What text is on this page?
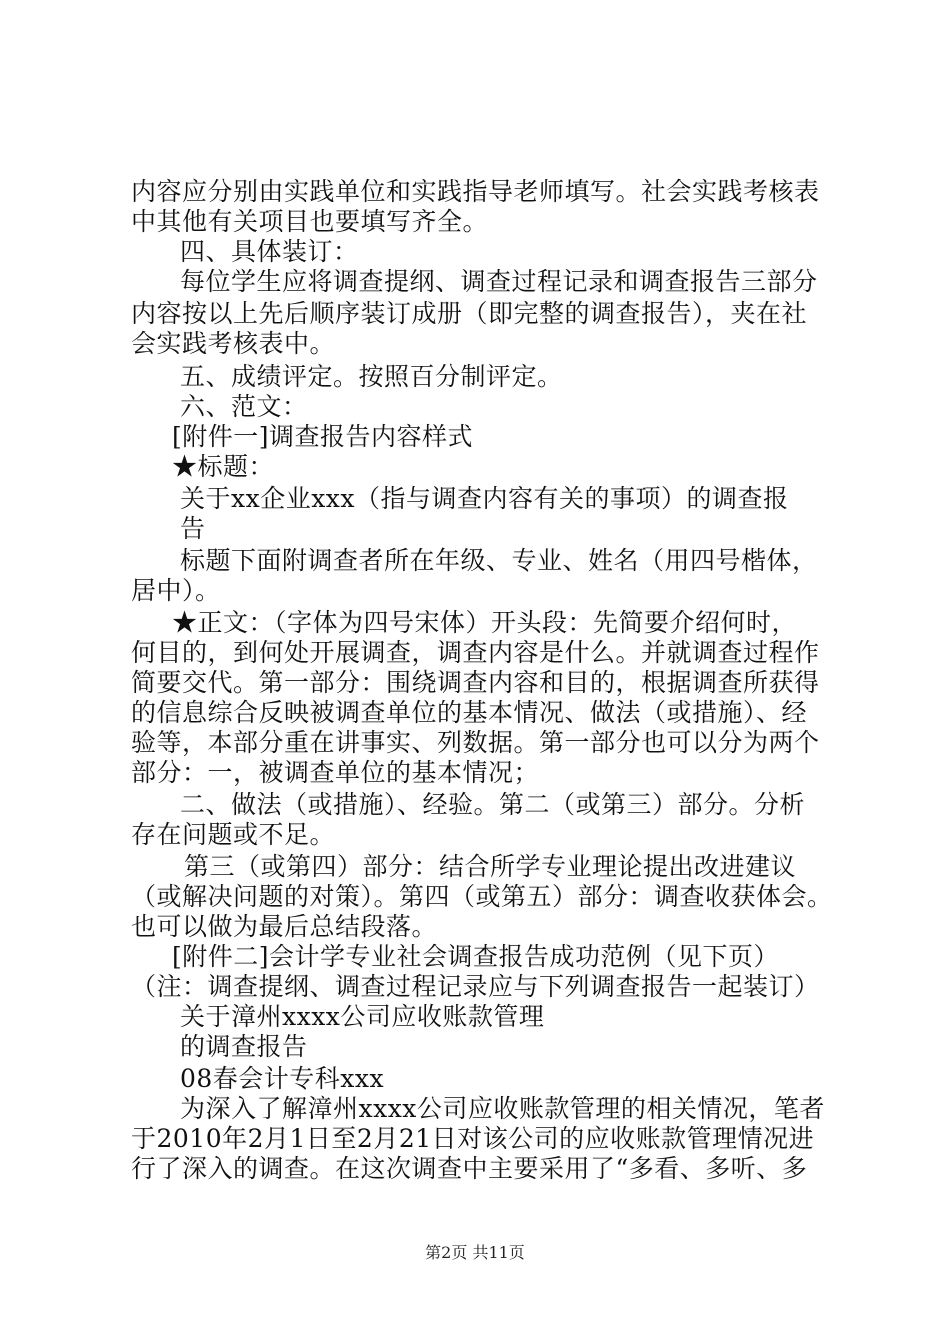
内容应分别由实践单位和实践指导老师填写。社会实践考核表
中其他有关项目也要填写齐全。
四、具体装订：
每位学生应将调查提纲、调查过程记录和调查报告三部分
内容按以上先后顺序装订成册（即完整的调查报告），夹在社
会实践考核表中。
五、成绩评定。按照百分制评定。
六、范文：
[附件一]调查报告内容样式
★标题：
关于xx企业xxx（指与调查内容有关的事项）的调查报
告
标题下面附调查者所在年级、专业、姓名（用四号楷体，
居中）。
★正文：（字体为四号宋体）开头段：先简要介绍何时，
何目的，到何处开展调查，调查内容是什么。并就调查过程作
简要交代。第一部分：围绕调查内容和目的，根据调查所获得
的信息综合反映被调查单位的基本情况、做法（或措施）、经
验等，本部分重在讲事实、列数据。第一部分也可以分为两个
部分：一，被调查单位的基本情况；
二、做法（或措施）、经验。第二（或第三）部分。分析
存在问题或不足。
第三（或第四）部分：结合所学专业理论提出改进建议
（或解决问题的对策）。第四（或第五）部分：调查收获体会。
也可以做为最后总结段落。
[附件二]会计学专业社会调查报告成功范例（见下页）
（注：调查提纲、调查过程记录应与下列调查报告一起装订）
关于漳州xxxx公司应收账款管理
的调查报告
08春会计专科xxx
为深入了解漳州xxxx公司应收账款管理的相关情况，笔者
于2010年2月1日至2月21日对该公司的应收账款管理情况进
行了深入的调查。在这次调查中主要采用了“多看、多听、多
第2页 共11页
